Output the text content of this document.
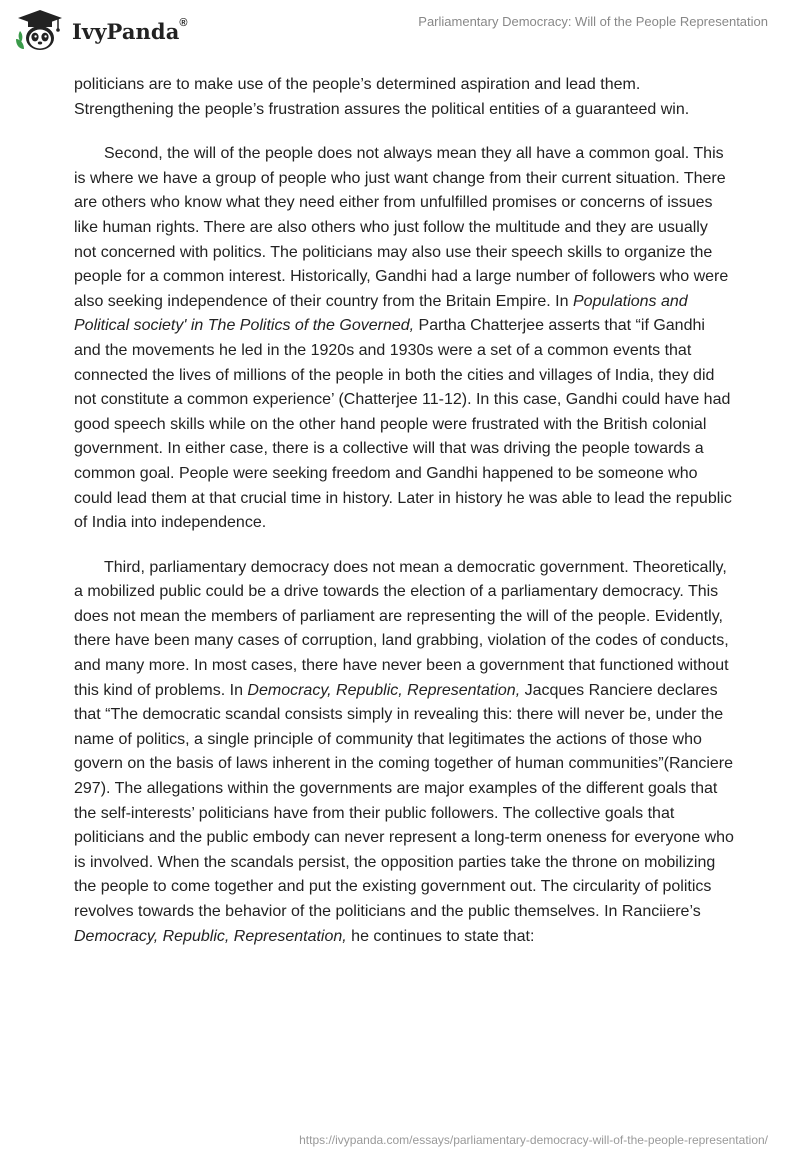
IvyPanda®	Parliamentary Democracy: Will of the People Representation

politicians are to make use of the people’s determined aspiration and lead them. Strengthening the people’s frustration assures the political entities of a guaranteed win.

Second, the will of the people does not always mean they all have a common goal. This is where we have a group of people who just want change from their current situation. There are others who know what they need either from unfulfilled promises or concerns of issues like human rights. There are also others who just follow the multitude and they are usually not concerned with politics. The politicians may also use their speech skills to organize the people for a common interest. Historically, Gandhi had a large number of followers who were also seeking independence of their country from the Britain Empire. In Populations and Political society' in The Politics of the Governed, Partha Chatterjee asserts that “if Gandhi and the movements he led in the 1920s and 1930s were a set of a common events that connected the lives of millions of the people in both the cities and villages of India, they did not constitute a common experience’ (Chatterjee 11-12). In this case, Gandhi could have had good speech skills while on the other hand people were frustrated with the British colonial government. In either case, there is a collective will that was driving the people towards a common goal. People were seeking freedom and Gandhi happened to be someone who could lead them at that crucial time in history. Later in history he was able to lead the republic of India into independence.

Third, parliamentary democracy does not mean a democratic government. Theoretically, a mobilized public could be a drive towards the election of a parliamentary democracy. This does not mean the members of parliament are representing the will of the people. Evidently, there have been many cases of corruption, land grabbing, violation of the codes of conducts, and many more. In most cases, there have never been a government that functioned without this kind of problems. In Democracy, Republic, Representation, Jacques Ranciere declares that “The democratic scandal consists simply in revealing this: there will never be, under the name of politics, a single principle of community that legitimates the actions of those who govern on the basis of laws inherent in the coming together of human communities”(Ranciere 297). The allegations within the governments are major examples of the different goals that the self-interests’ politicians have from their public followers. The collective goals that politicians and the public embody can never represent a long-term oneness for everyone who is involved. When the scandals persist, the opposition parties take the throne on mobilizing the people to come together and put the existing government out. The circularity of politics revolves towards the behavior of the politicians and the public themselves. In Ranciiere’s Democracy, Republic, Representation, he continues to state that:

https://ivypanda.com/essays/parliamentary-democracy-will-of-the-people-representation/
